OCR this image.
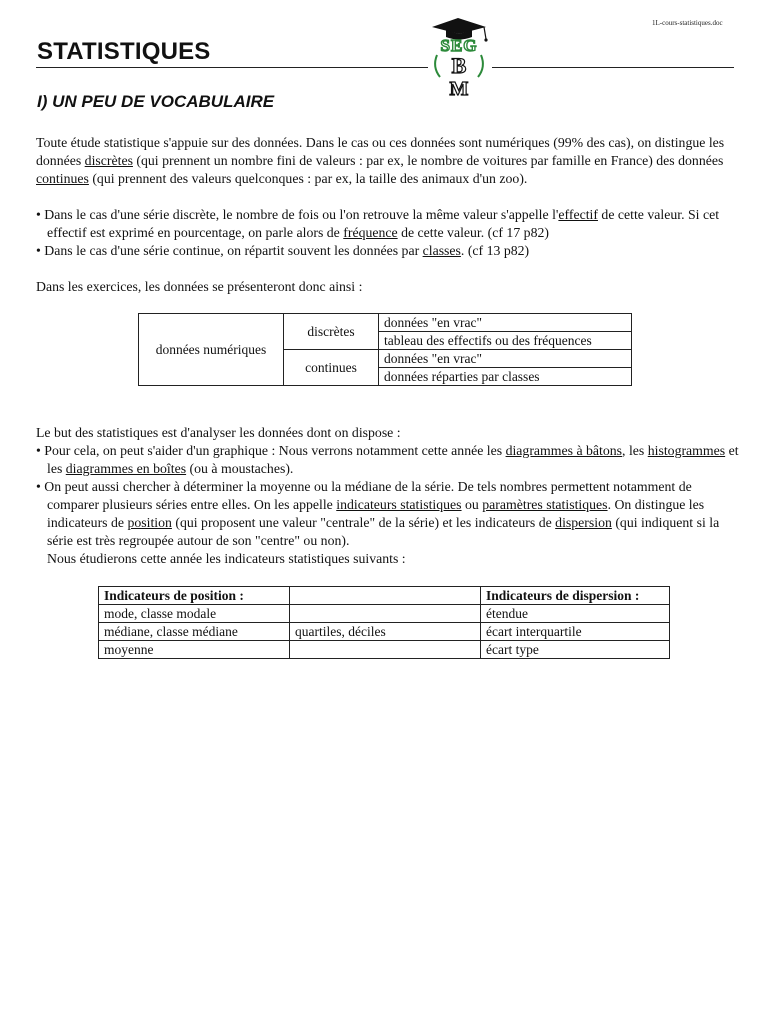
1L-cours-statistiques.doc
STATISTIQUES	SEG
B
M
I) UN PEU DE VOCABULAIRE

Toute étude statistique s'appuie sur des données. Dans le cas ou ces données sont numériques (99% des cas), on distingue les données discrètes (qui prennent un nombre fini de valeurs : par ex, le nombre de voitures par famille en France) des données continues (qui prennent des valeurs quelconques : par ex, la taille des animaux d'un zoo).

• Dans le cas d'une série discrète, le nombre de fois ou l'on retrouve la même valeur s'appelle l'effectif de cette valeur. Si cet effectif est exprimé en pourcentage, on parle alors de fréquence de cette valeur. (cf 17 p82)

• Dans le cas d'une série continue, on répartit souvent les données par classes. (cf 13 p82)

Dans les exercices, les données se présenteront donc ainsi :

données numériques	discrètes	données "en vrac"
		tableau des effectifs ou des fréquences
	continues	données "en vrac"
		données réparties par classes

Le but des statistiques est d'analyser les données dont on dispose :

• Pour cela, on peut s'aider d'un graphique : Nous verrons notamment cette année les diagrammes à bâtons, les histogrammes et les diagrammes en boîtes (ou à moustaches).

• On peut aussi chercher à déterminer la moyenne ou la médiane de la série. De tels nombres permettent notamment de comparer plusieurs séries entre elles. On les appelle indicateurs statistiques ou paramètres statistiques. On distingue les indicateurs de position (qui proposent une valeur "centrale" de la série) et les indicateurs de dispersion (qui indiquent si la série est très regroupée autour de son "centre" ou non).

Nous étudierons cette année les indicateurs statistiques suivants :

Indicateurs de position :		Indicateurs de dispersion :
mode, classe modale		étendue
médiane, classe médiane	quartiles, déciles	écart interquartile
moyenne		écart type
